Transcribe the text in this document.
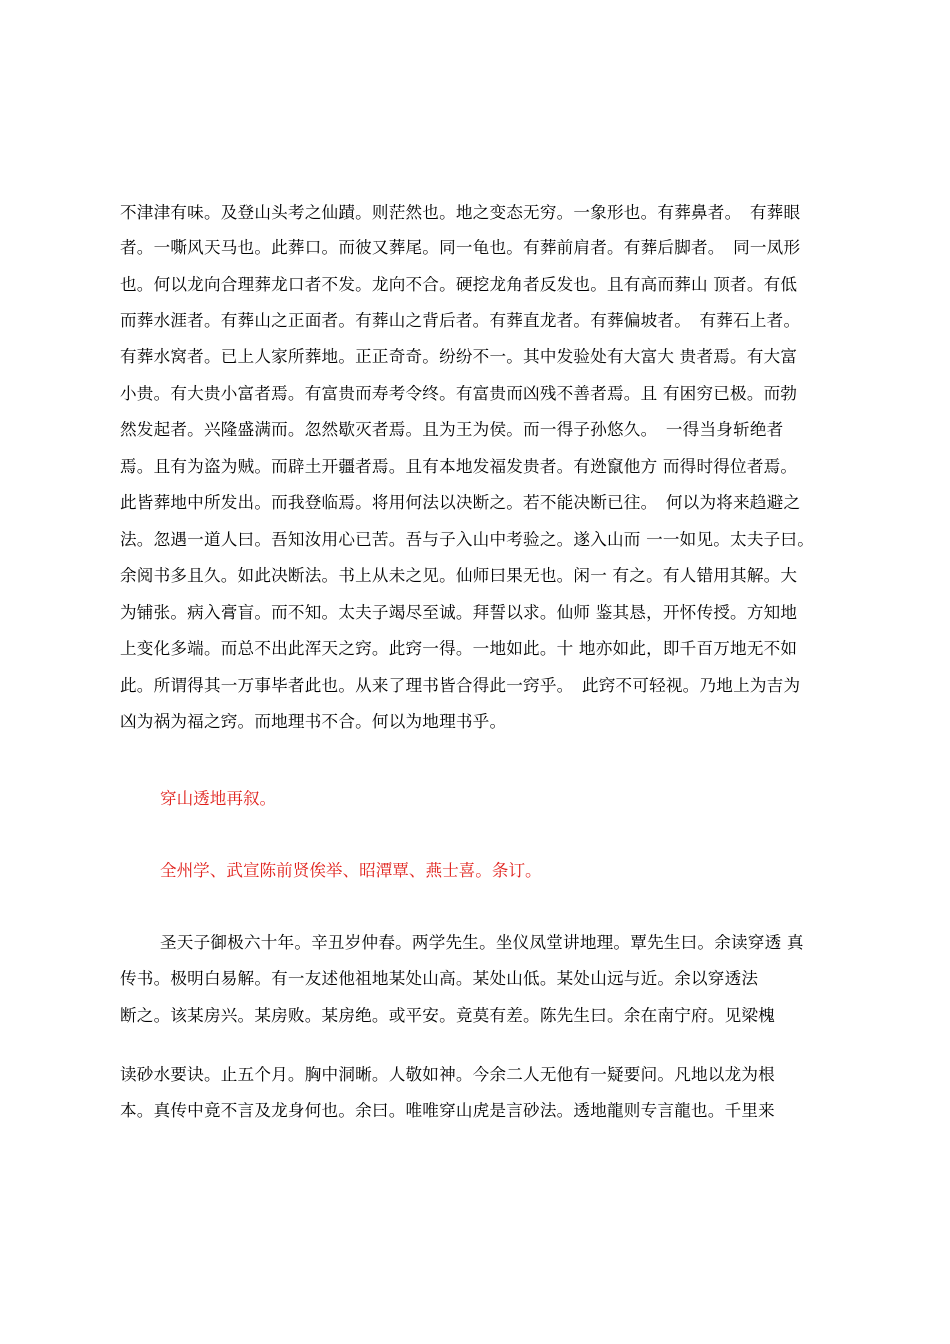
不津津有味。及登山头考之仙蹟。则茫然也。地之变态无穷。一象形也。有葬鼻者。　有葬眼
者。一嘶风天马也。此葬口。而彼又葬尾。同一龟也。有葬前肩者。有葬后脚者。　同一凤形
也。何以龙向合理葬龙口者不发。龙向不合。硬挖龙角者反发也。且有高而葬山 顶者。有低
而葬水涯者。有葬山之正面者。有葬山之背后者。有葬直龙者。有葬偏坡者。　有葬石上者。
有葬水窝者。已上人家所葬地。正正奇奇。纷纷不一。其中发验处有大富大 贵者焉。有大富
小贵。有大贵小富者焉。有富贵而寿考令终。有富贵而凶残不善者焉。且 有困穷已极。而勃
然发起者。兴隆盛满而。忽然歇灭者焉。且为王为侯。而一得子孙悠久。　一得当身斩绝者
焉。且有为盗为贼。而辟土开疆者焉。且有本地发福发贵者。有迯竄他方 而得时得位者焉。
此皆葬地中所发出。而我登临焉。将用何法以决断之。若不能决断已往。　何以为将来趋避之
法。忽遇一道人曰。吾知汝用心已苦。吾与子入山中考验之。遂入山而 一一如见。太夫子曰。
余阅书多且久。如此决断法。书上从未之见。仙师曰果无也。闲一 有之。有人错用其解。大
为铺张。病入膏盲。而不知。太夫子竭尽至诚。拜誓以求。仙师 鉴其恳，开怀传授。方知地
上变化多端。而总不出此浑天之窍。此窍一得。一地如此。十 地亦如此，即千百万地无不如
此。所谓得其一万事毕者此也。从来了理书皆合得此一窍乎。　此窍不可轻视。乃地上为吉为
凶为祸为福之窍。而地理书不合。何以为地理书乎。
穿山透地再叙。
全州学、武宣陈前贤俟举、昭潭覃、燕士喜。条订。
圣天子御极六十年。辛丑岁仲春。两学先生。坐仪凤堂讲地理。覃先生曰。余读穿透 真
传书。极明白易解。有一友述他祖地某处山高。某处山低。某处山远与近。余以穿透法
断之。该某房兴。某房败。某房绝。或平安。竟莫有差。陈先生曰。余在南宁府。见梁槐
读砂水要诀。止五个月。胸中洞晰。人敬如神。今余二人无他有一疑要问。凡地以龙为根
本。真传中竟不言及龙身何也。余曰。唯唯穿山虎是言砂法。透地龍则专言龍也。千里来
